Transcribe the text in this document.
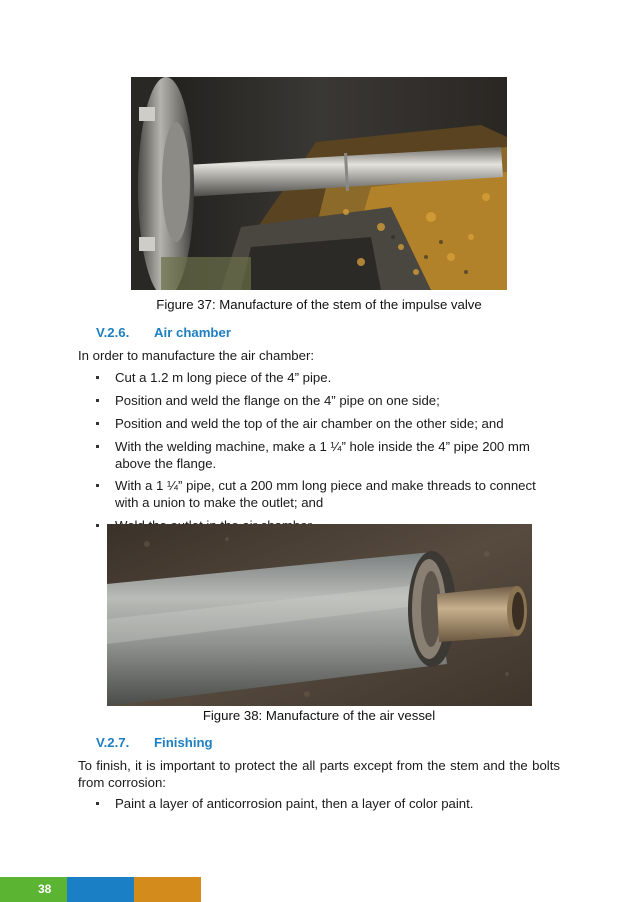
Figure 37: Manufacture of the stem of the impulse valve
V.2.6. Air chamber
In order to manufacture the air chamber:
Cut a 1.2 m long piece of the 4” pipe.
Position and weld the flange on the 4” pipe on one side;
Position and weld the top of the air chamber on the other side; and
With the welding machine, make a 1 ¼” hole inside the 4” pipe 200 mm above the flange.
With a 1 ¼” pipe, cut a 200 mm long piece and make threads to connect with a union to make the outlet; and
Figure 38: Manufacture of the air vessel
V.2.7. Finishing
To finish, it is important to protect the all parts except from the stem and the bolts from corrosion:
Paint a layer of anticorrosion paint, then a layer of color paint.
38
